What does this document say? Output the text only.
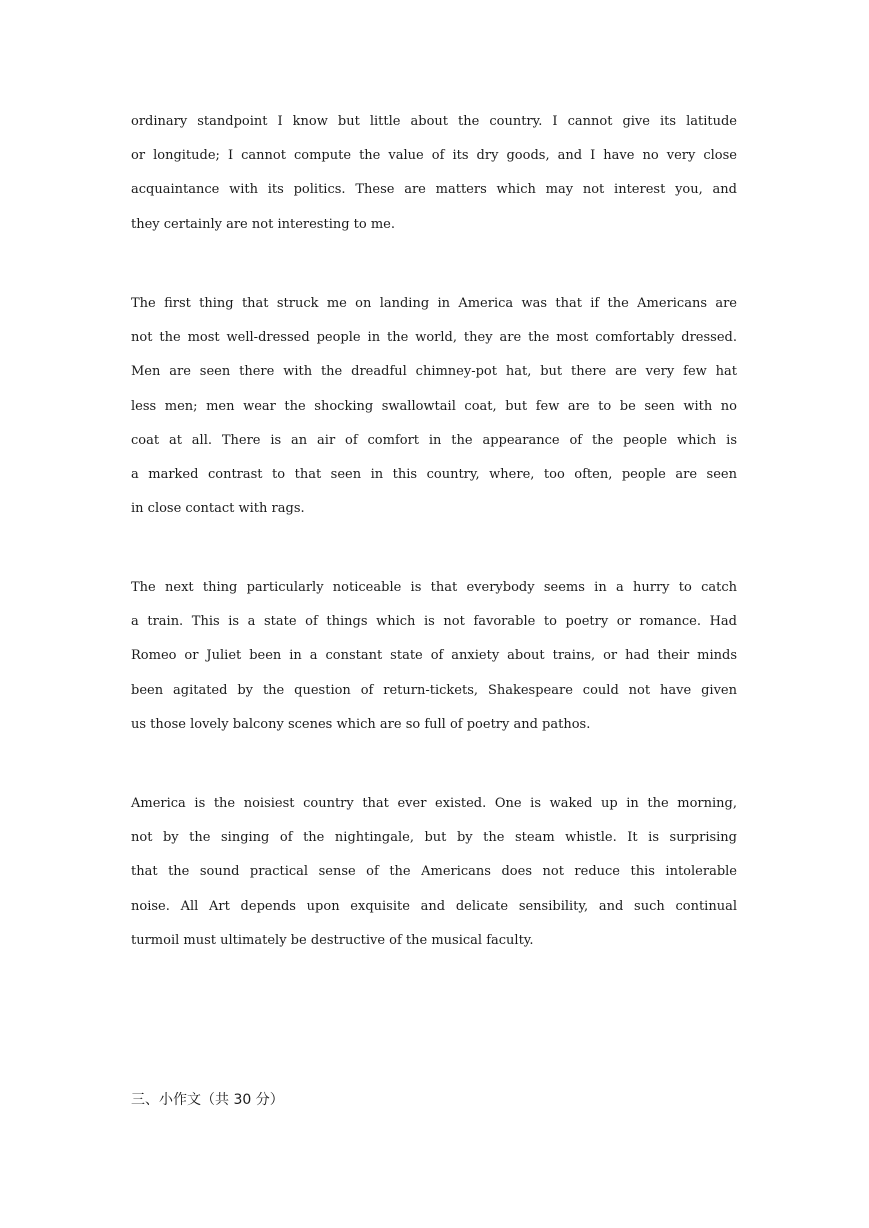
ordinary standpoint I know but little about the country. I cannot give its latitude
or longitude; I cannot compute the value of its dry goods, and I have no very close
acquaintance with its politics. These are matters which may not interest you, and
they certainly are not interesting to me.
The first thing that struck me on landing in America was that if the Americans are
not the most well-dressed people in the world, they are the most comfortably dressed.
Men are seen there with the dreadful chimney-pot hat, but there are very few hat
less men; men wear the shocking swallowtail coat, but few are to be seen with no
coat at all. There is an air of comfort in the appearance of the people which is
a marked contrast to that seen in this country, where, too often, people are seen
in close contact with rags.
The next thing particularly noticeable is that everybody seems in a hurry to catch
a train. This is a state of things which is not favorable to poetry or romance. Had
Romeo or Juliet been in a constant state of anxiety about trains, or had their minds
been agitated by the question of return-tickets, Shakespeare could not have given
us those lovely balcony scenes which are so full of poetry and pathos.
America is the noisiest country that ever existed. One is waked up in the morning,
not by the singing of the nightingale, but by the steam whistle. It is surprising
that the sound practical sense of the Americans does not reduce this intolerable
noise. All Art depends upon exquisite and delicate sensibility, and such continual
turmoil must ultimately be destructive of the musical faculty.

三、小作文（共 30 分）
